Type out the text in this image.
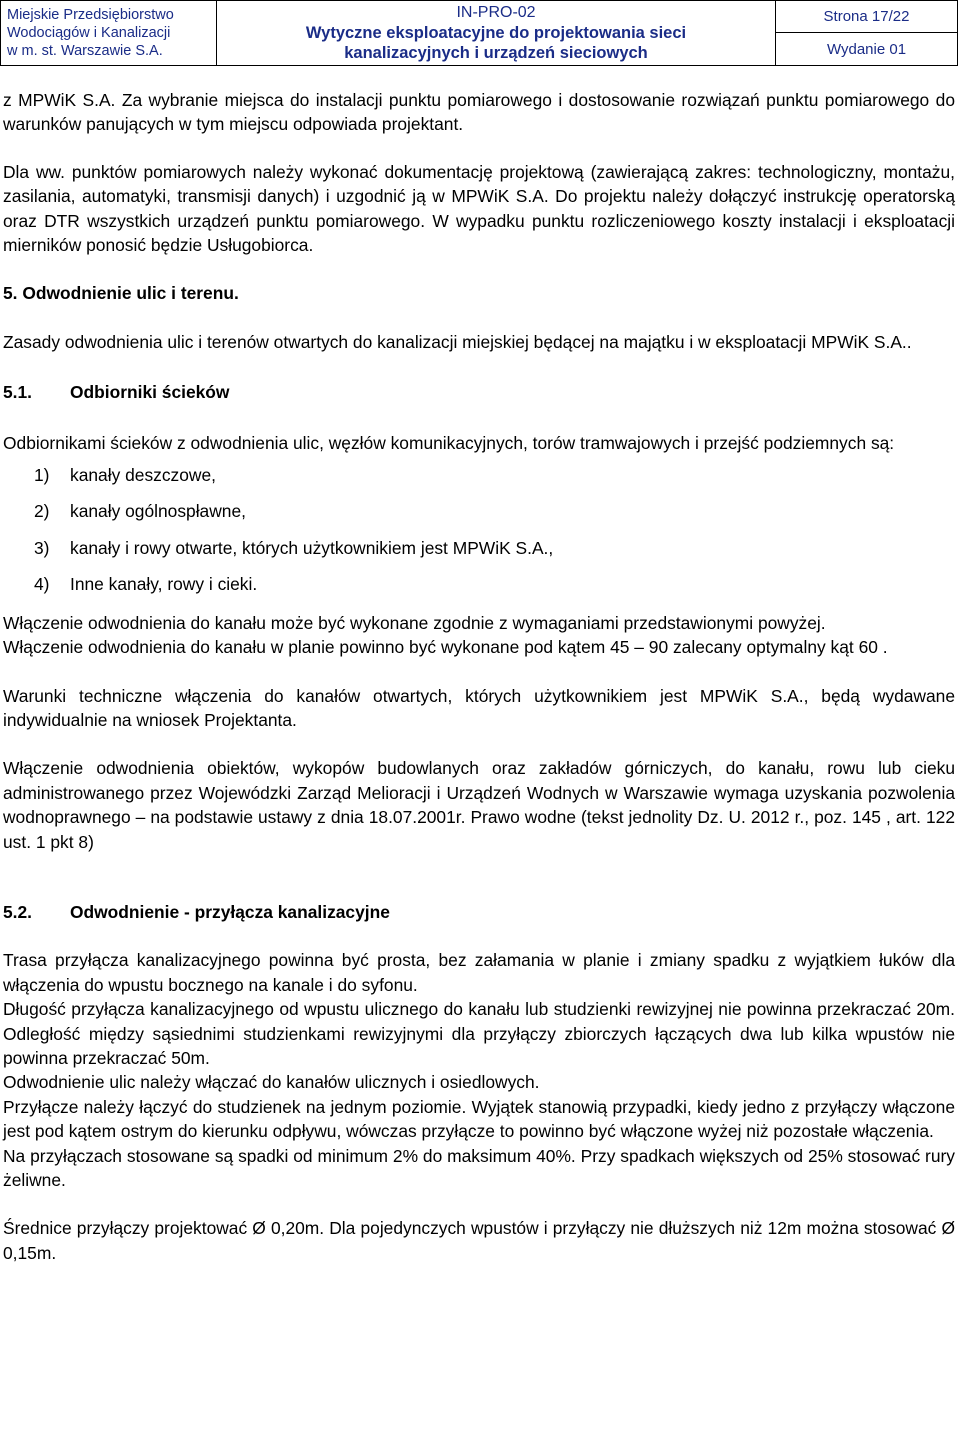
Miejskie Przedsiębiorstwo
Wodociągów i Kanalizacji
w m. st. Warszawie S.A.

IN-PRO-02
Wytyczne eksploatacyjne do projektowania sieci
kanalizacyjnych i urządzeń sieciowych

Strona 17/22
Wydanie 01

z MPWiK S.A. Za wybranie miejsca do instalacji punktu pomiarowego i dostosowanie rozwiązań punktu pomiarowego do warunków panujących w tym miejscu odpowiada projektant.

Dla ww. punktów pomiarowych należy wykonać dokumentację projektową (zawierającą zakres: technologiczny, montażu, zasilania, automatyki, transmisji danych) i uzgodnić ją w MPWiK S.A. Do projektu należy dołączyć instrukcję operatorską oraz DTR wszystkich urządzeń punktu pomiarowego. W wypadku punktu rozliczeniowego koszty instalacji i eksploatacji mierników ponosić będzie Usługobiorca.

5. Odwodnienie ulic i terenu.

Zasady odwodnienia ulic i terenów otwartych do kanalizacji miejskiej będącej na majątku i w eksploatacji MPWiK S.A..

5.1. Odbiorniki ścieków

Odbiornikami ścieków z odwodnienia ulic, węzłów komunikacyjnych, torów tramwajowych i przejść podziemnych są:

1) kanały deszczowe,
2) kanały ogólnospławne,
3) kanały i rowy otwarte, których użytkownikiem jest MPWiK S.A.,
4) Inne kanały, rowy i cieki.

Włączenie odwodnienia do kanału może być wykonane zgodnie z wymaganiami przedstawionymi powyżej.

Włączenie odwodnienia do kanału w planie powinno być wykonane pod kątem 45 – 90 zalecany optymalny kąt 60 .

Warunki techniczne włączenia do kanałów otwartych, których użytkownikiem jest MPWiK S.A., będą wydawane indywidualnie na wniosek Projektanta.

Włączenie odwodnienia obiektów, wykopów budowlanych oraz zakładów górniczych, do kanału, rowu lub cieku administrowanego przez Wojewódzki Zarząd Melioracji i Urządzeń Wodnych w Warszawie wymaga uzyskania pozwolenia wodnoprawnego – na podstawie ustawy z dnia 18.07.2001r. Prawo wodne (tekst jednolity Dz. U. 2012 r., poz. 145 , art. 122 ust. 1 pkt 8)

5.2. Odwodnienie - przyłącza kanalizacyjne

Trasa przyłącza kanalizacyjnego powinna być prosta, bez załamania w planie i zmiany spadku z wyjątkiem łuków dla włączenia do wpustu bocznego na kanale i do syfonu.

Długość przyłącza kanalizacyjnego od wpustu ulicznego do kanału lub studzienki rewizyjnej nie powinna przekraczać 20m. Odległość między sąsiednimi studzienkami rewizyjnymi dla przyłączy zbiorczych łączących dwa lub kilka wpustów nie powinna przekraczać 50m.

Odwodnienie ulic należy włączać do kanałów ulicznych i osiedlowych.

Przyłącze należy łączyć do studzienek na jednym poziomie. Wyjątek stanowią przypadki, kiedy jedno z przyłączy włączone jest pod kątem ostrym do kierunku odpływu, wówczas przyłącze to powinno być włączone wyżej niż pozostałe włączenia.

Na przyłączach stosowane są spadki od minimum 2% do maksimum 40%. Przy spadkach większych od 25% stosować rury żeliwne.

Średnice przyłączy projektować Ø 0,20m. Dla pojedynczych wpustów i przyłączy nie dłuższych niż 12m można stosować Ø 0,15m.
